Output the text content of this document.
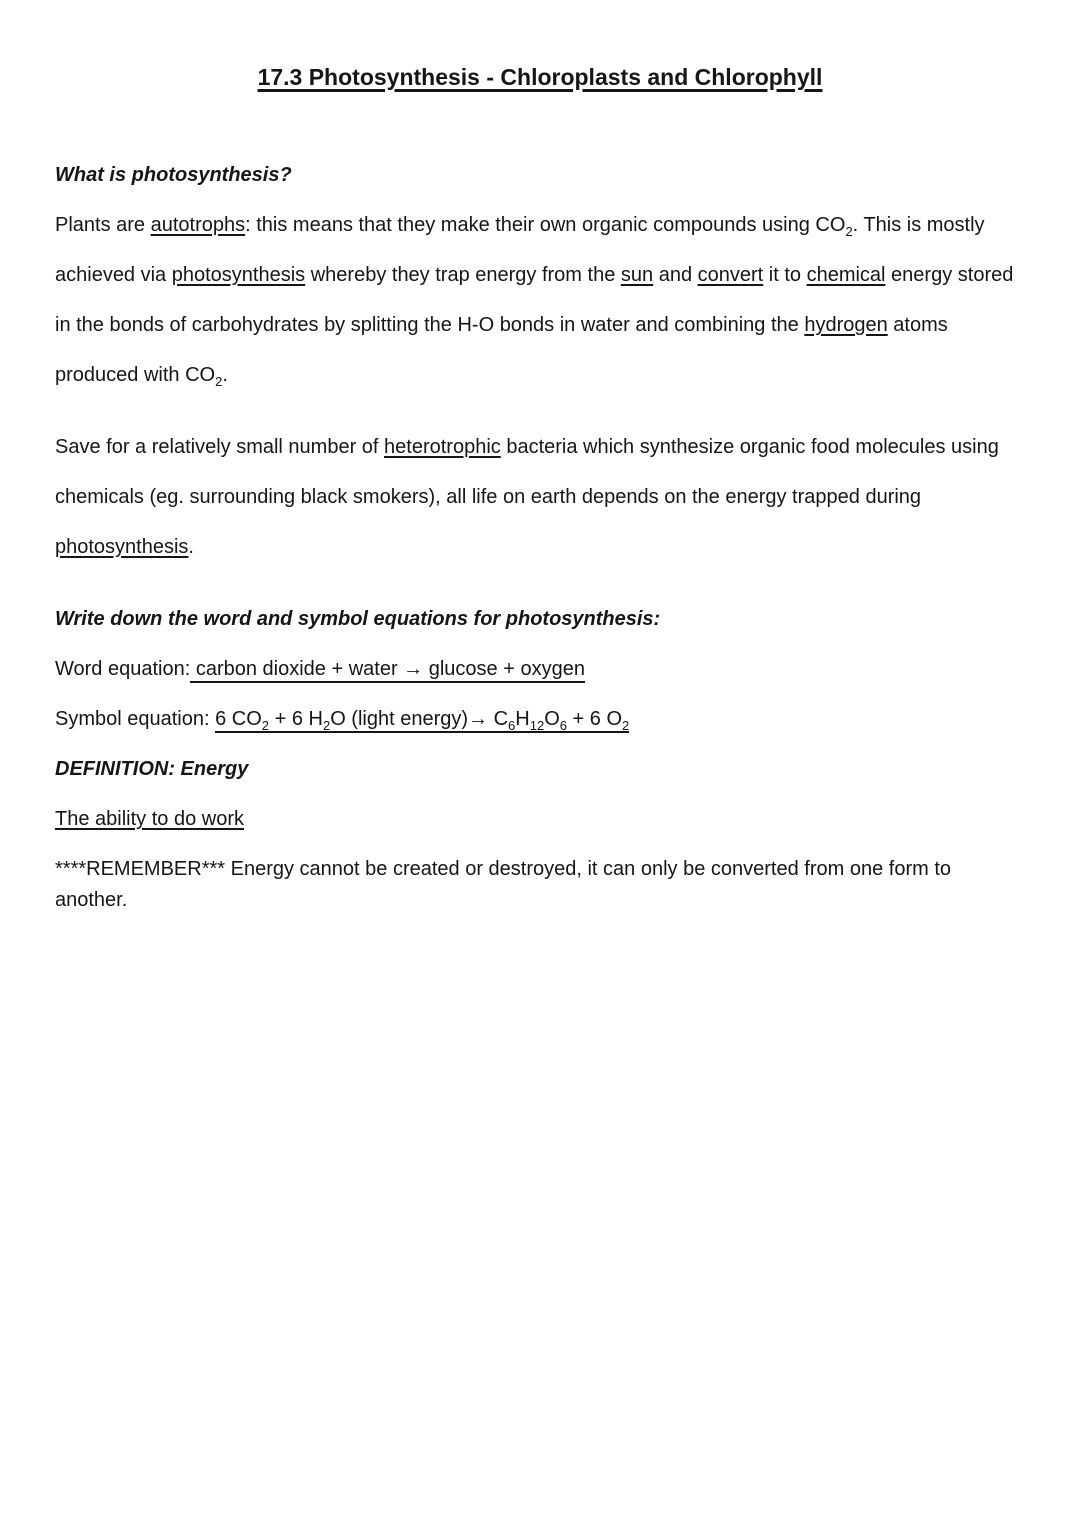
17.3 Photosynthesis - Chloroplasts and Chlorophyll
What is photosynthesis?

Plants are autotrophs: this means that they make their own organic compounds using $CO_2$. This is mostly achieved via photosynthesis whereby they trap energy from the sun and convert it to chemical energy stored in the bonds of carbohydrates by splitting the H-O bonds in water and combining the hydrogen atoms produced with $CO_2$.

Save for a relatively small number of heterotrophic bacteria which synthesize organic food molecules using chemicals (eg. surrounding black smokers), all life on earth depends on the energy trapped during photosynthesis.

Write down the word and symbol equations for photosynthesis:
Word equation: carbon dioxide + water → glucose + oxygen
Symbol equation: 6 $CO_2 + 6$ $H_2O$ (light energy)→ $C_6H_{12}O_6 + 6$ $O_2$
DEFINITION: Energy
The ability to do work

****REMEMBER*** Energy cannot be created or destroyed, it can only be converted from one form to another.
